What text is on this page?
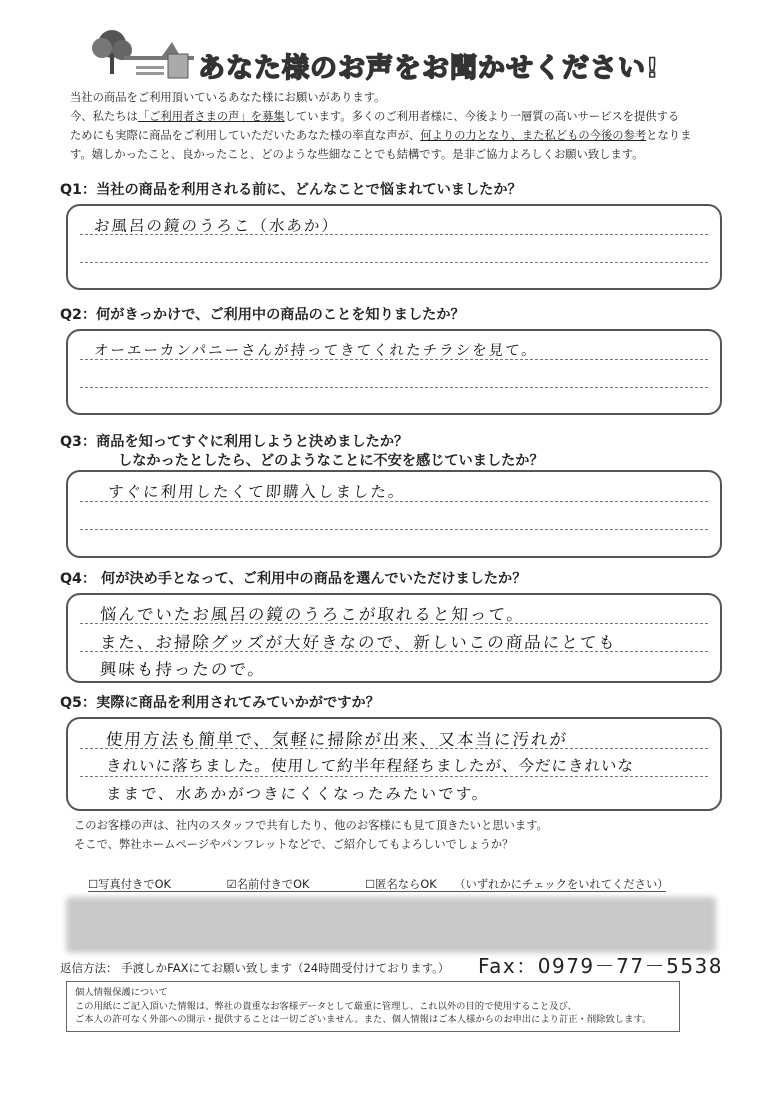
あなた様のお声をお聞かせください!
当社の商品をご利用頂いているあなた様にお願いがあります。
今、私たちは「ご利用者さまの声」を募集しています。多くのご利用者様に、今後より一層質の高いサービスを提供する
ためにも実際に商品をご利用していただいたあなた様の率直な声が、何よりの力となり、また私どもの今後の参考となりま
す。嬉しかったこと、良かったこと、どのような些細なことでも結構です。是非ご協力よろしくお願い致します。
Q1：当社の商品を利用される前に、どんなことで悩まれていましたか？
お風呂の鏡のうろこ（水あか）
Q2：何がきっかけで、ご利用中の商品のことを知りましたか？
オーエーカンパニーさんが持ってきてくれたチラシを見て。
Q3：商品を知ってすぐに利用しようと決めましたか？
しなかったとしたら、どのようなことに不安を感じていましたか？
すぐに利用したくて即購入しました。
Q4： 何が決め手となって、ご利用中の商品を選んでいただけましたか？
悩んでいたお風呂の鏡のうろこが取れると知って。
また、お掃除グッズが大好きなので、新しいこの商品にとても
興味も持ったので。
Q5：実際に商品を利用されてみていかがですか？
使用方法も簡単で、気軽に掃除が出来、又本当に汚れが
きれいに落ちました。使用して約半年程経ちましたが、今だにきれいな
ままで、水あかがつきにくくなったみたいです。
このお客様の声は、社内のスタッフで共有したり、他のお客様にも見て頂きたいと思います。
そこで、弊社ホームページやパンフレットなどで、ご紹介してもよろしいでしょうか？
☐写真付きでOK	☑名前付きでOK	☐匿名ならOK （いずれかにチェックをいれてください）
返信方法： 手渡しかFAXにてお願い致します（24時間受付けております。） Fax：0979－77－5538
個人情報保護について
この用紙にご記入頂いた情報は、弊社の貴重なお客様データとして厳重に管理し、これ以外の目的で使用すること及び、
ご本人の許可なく外部への開示・提供することは一切ございません。また、個人情報はご本人様からのお申出により訂正・削除致します。
